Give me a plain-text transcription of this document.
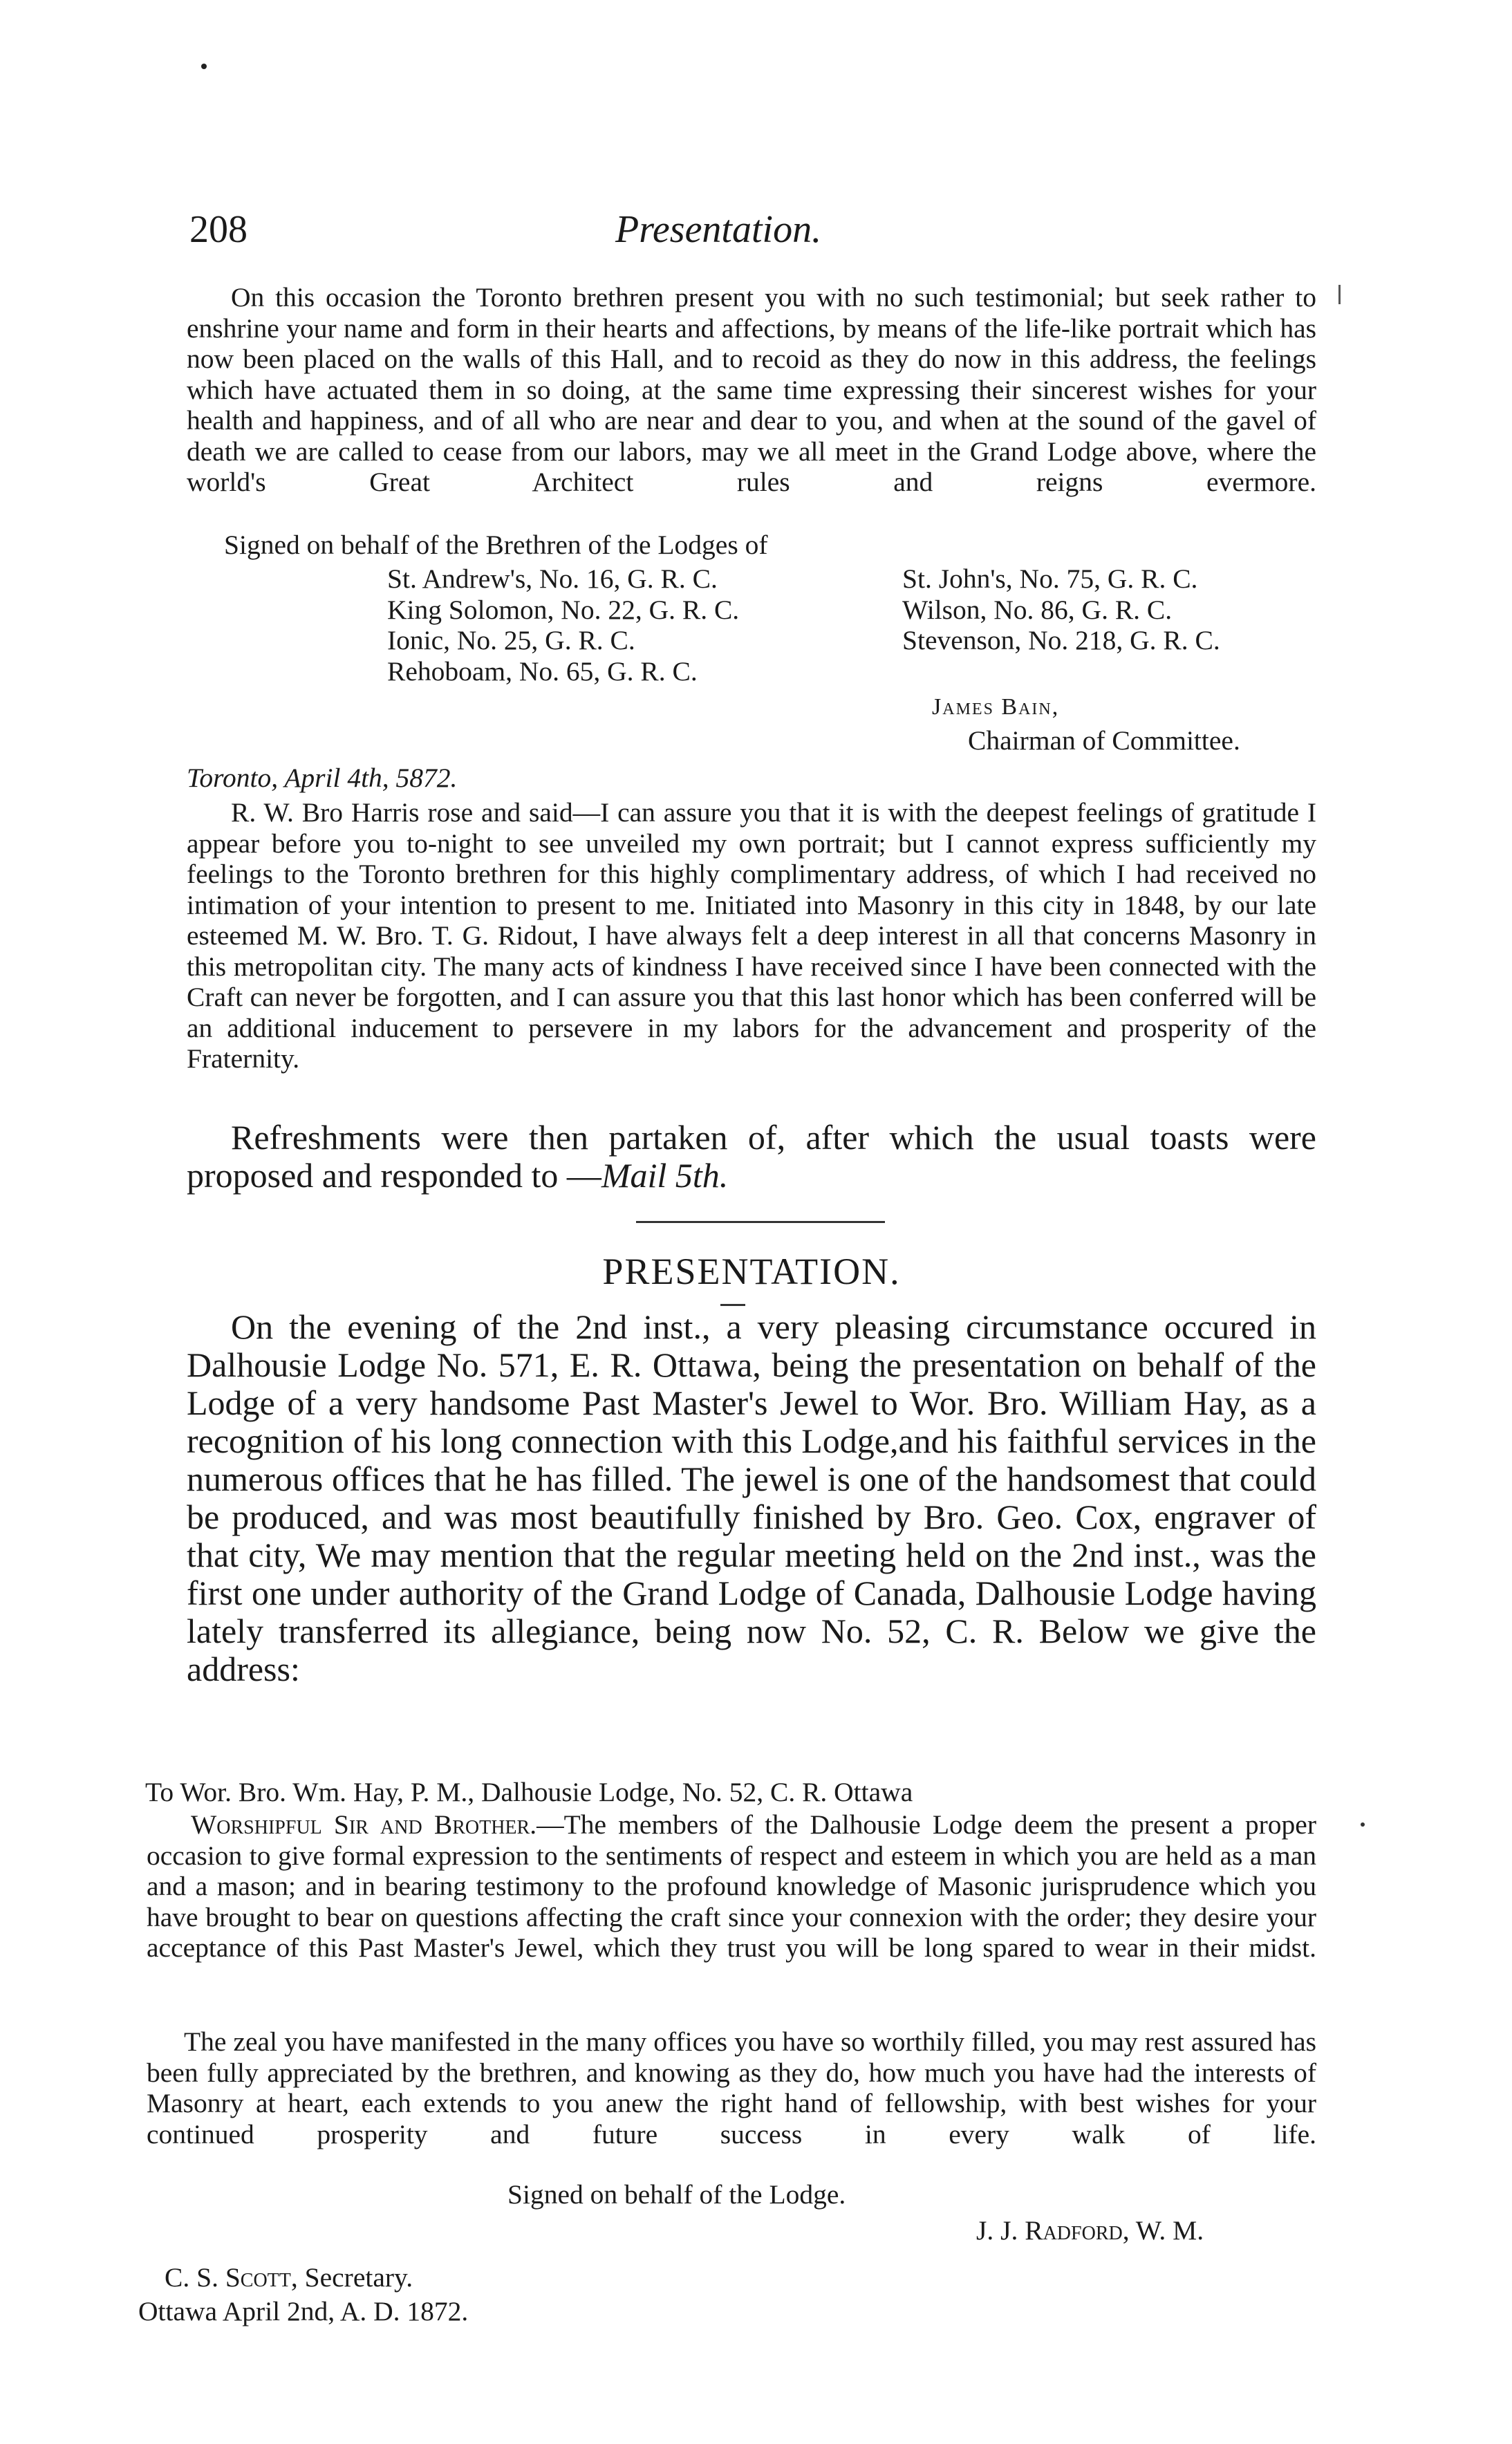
208	Presentation.
On this occasion the Toronto brethren present you with no such testimonial; but seek rather to enshrine your name and form in their hearts and affections, by means of the life-like portrait which has now been placed on the walls of this Hall, and to recoid as they do now in this address, the feelings which have actuated them in so doing, at the same time expressing their sincerest wishes for your health and happiness, and of all who are near and dear to you, and when at the sound of the gavel of death we are called to cease from our labors, may we all meet in the Grand Lodge above, where the world's Great Architect rules and reigns evermore.
Signed on behalf of the Brethren of the Lodges of
St. Andrew's, No. 16, G. R. C.	St. John's, No. 75, G. R. C.
King Solomon, No. 22, G. R. C.	Wilson, No. 86, G. R. C.
Ionic, No. 25, G. R. C.	Stevenson, No. 218, G. R. C.
Rehoboam, No. 65, G. R. C.
James Bain,
Chairman of Committee.
Toronto, April 4th, 5872.
R. W. Bro Harris rose and said—I can assure you that it is with the deepest feelings of gratitude I appear before you to-night to see unveiled my own portrait; but I cannot express sufficiently my feelings to the Toronto brethren for this highly complimentary address, of which I had received no intimation of your intention to present to me. Initiated into Masonry in this city in 1848, by our late esteemed M. W. Bro. T. G. Ridout, I have always felt a deep interest in all that concerns Masonry in this metropolitan city. The many acts of kindness I have received since I have been connected with the Craft can never be forgotten, and I can assure you that this last honor which has been conferred will be an additional inducement to persevere in my labors for the advancement and prosperity of the Fraternity.
Refreshments were then partaken of, after which the usual toasts were proposed and responded to —Mail 5th.
PRESENTATION.
On the evening of the 2nd inst., a very pleasing circumstance occured in Dalhousie Lodge No. 571, E. R. Ottawa, being the presentation on behalf of the Lodge of a very handsome Past Master's Jewel to Wor. Bro. William Hay, as a recognition of his long connection with this Lodge,and his faithful services in the numerous offices that he has filled. The jewel is one of the handsomest that could be produced, and was most beautifully finished by Bro. Geo. Cox, engraver of that city, We may mention that the regular meeting held on the 2nd inst., was the first one under authority of the Grand Lodge of Canada, Dalhousie Lodge having lately transferred its allegiance, being now No. 52, C. R. Below we give the address:
To Wor. Bro. Wm. Hay, P. M., Dalhousie Lodge, No. 52, C. R. Ottawa
Worshipful Sir and Brother.—The members of the Dalhousie Lodge deem the present a proper occasion to give formal expression to the sentiments of respect and esteem in which you are held as a man and a mason; and in bearing testimony to the profound knowledge of Masonic jurisprudence which you have brought to bear on questions affecting the craft since your connexion with the order; they desire your acceptance of this Past Master's Jewel, which they trust you will be long spared to wear in their midst.
The zeal you have manifested in the many offices you have so worthily filled, you may rest assured has been fully appreciated by the brethren, and knowing as they do, how much you have had the interests of Masonry at heart, each extends to you anew the right hand of fellowship, with best wishes for your continued prosperity and future success in every walk of life.
Signed on behalf of the Lodge.
J. J. Radford, W. M.
C. S. Scott, Secretary.
Ottawa April 2nd, A. D. 1872.
